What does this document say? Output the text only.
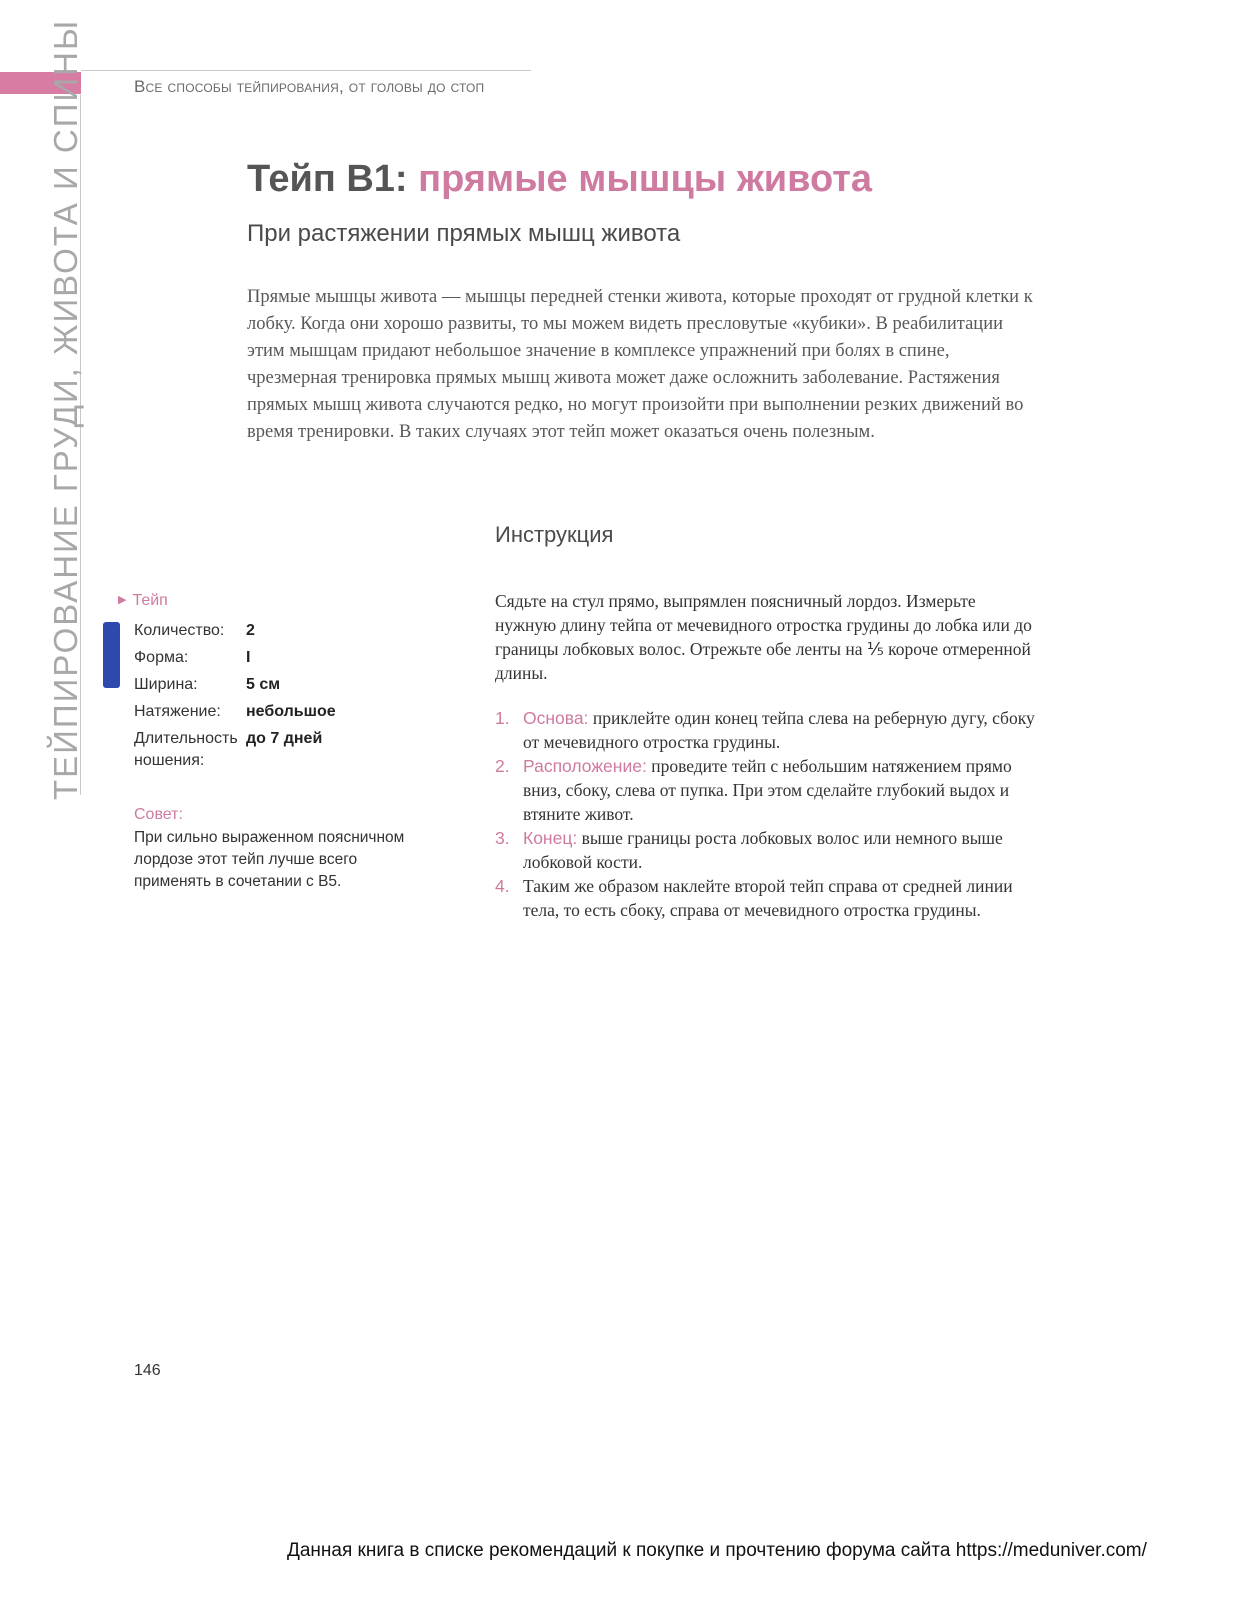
Все способы тейпирования, от головы до стоп
ТЕЙПИРОВАНИЕ ГРУДИ, ЖИВОТА И СПИНЫ	Тейп B1: прямые мышцы живота
При растяжении прямых мышц живота

Прямые мышцы живота — мышцы передней стенки живота, которые проходят от грудной клетки к лобку. Когда они хорошо развиты, то мы можем видеть пресловутые «кубики». В реабилитации этим мышцам придают небольшое значение в комплексе упражнений при болях в спине, чрезмерная тренировка прямых мышц живота может даже осложнить заболевание. Растяжения прямых мышц живота случаются редко, но могут произойти при выполнении резких движений во время тренировки. В таких случаях этот тейп может оказаться очень полезным.

▶ Тейп
Количество:	2
Форма:	I
Ширина:	5 см
Натяжение:	небольшое
Длительность ношения:	до 7 дней
Совет:

При сильно выраженном поясничном лордозе этот тейп лучше всего применять в сочетании с B5.

Инструкция

Сядьте на стул прямо, выпрямлен поясничный лордоз. Измерьте нужную длину тейпа от мечевидного отростка грудины до лобка или до границы лобковых волос. Отрежьте обе ленты на ⅕ короче отмеренной длины.

1. Основа: приклейте один конец тейпа слева на реберную дугу, сбоку от мечевидного отростка грудины.
2. Расположение: проведите тейп с небольшим натяжением прямо вниз, сбоку, слева от пупка. При этом сделайте глубокий выдох и втяните живот.
3. Конец: выше границы роста лобковых волос или немного выше лобковой кости.
4. Таким же образом наклейте второй тейп справа от средней линии тела, то есть сбоку, справа от мечевидного отростка грудины.
146
Данная книга в списке рекомендаций к покупке и прочтению форума сайта https://meduniver.com/
